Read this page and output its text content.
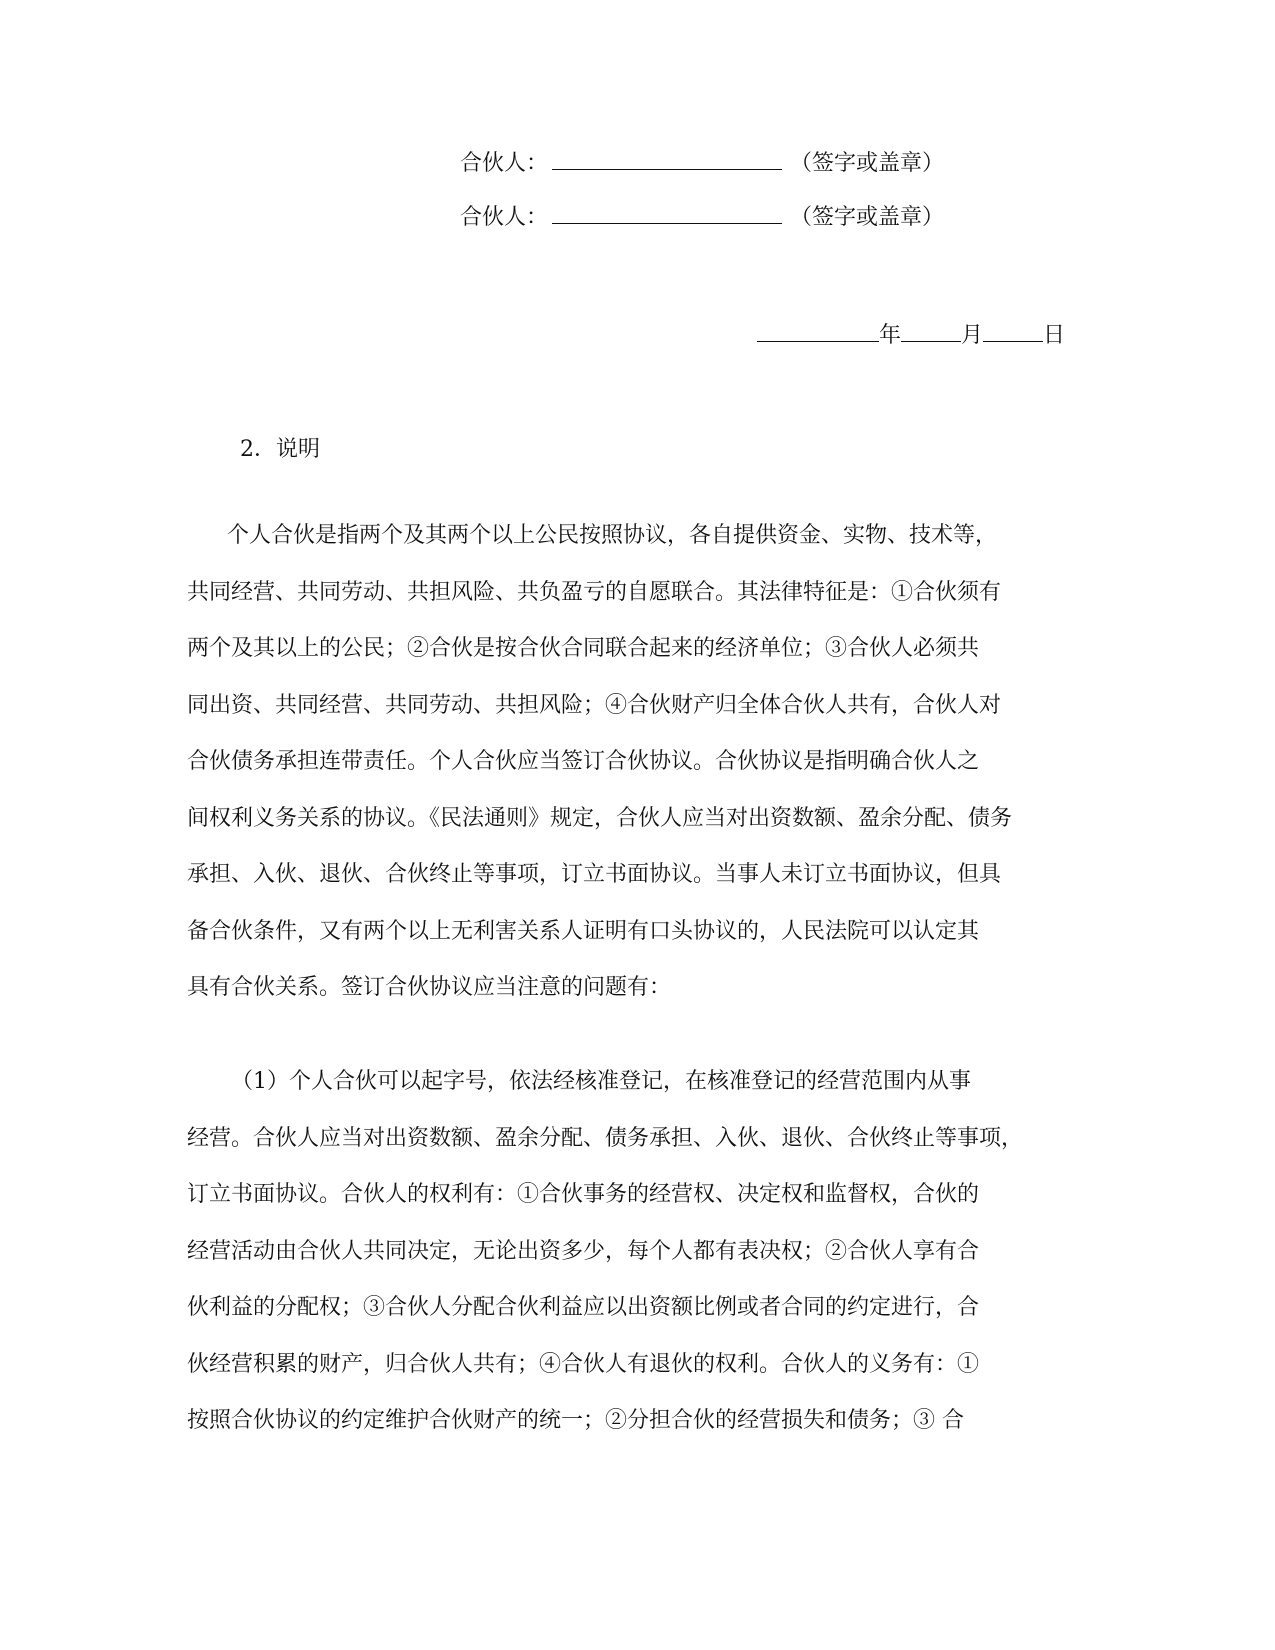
合伙人：	（签字或盖章）
合伙人：	（签字或盖章）
年	月	日
2．说明
个人合伙是指两个及其两个以上公民按照协议，各自提供资金、实物、技术等，
共同经营、共同劳动、共担风险、共负盈亏的自愿联合。其法律特征是：①合伙须有
两个及其以上的公民；②合伙是按合伙合同联合起来的经济单位；③合伙人必须共
同出资、共同经营、共同劳动、共担风险；④合伙财产归全体合伙人共有，合伙人对
合伙债务承担连带责任。个人合伙应当签订合伙协议。合伙协议是指明确合伙人之
间权利义务关系的协议。《民法通则》规定，合伙人应当对出资数额、盈余分配、债务
承担、入伙、退伙、合伙终止等事项，订立书面协议。当事人未订立书面协议，但具
备合伙条件，又有两个以上无利害关系人证明有口头协议的，人民法院可以认定其
具有合伙关系。签订合伙协议应当注意的问题有：
（1）个人合伙可以起字号，依法经核准登记，在核准登记的经营范围内从事
经营。合伙人应当对出资数额、盈余分配、债务承担、入伙、退伙、合伙终止等事项，
订立书面协议。合伙人的权利有：①合伙事务的经营权、决定权和监督权，合伙的
经营活动由合伙人共同决定，无论出资多少，每个人都有表决权；②合伙人享有合
伙利益的分配权；③合伙人分配合伙利益应以出资额比例或者合同的约定进行，合
伙经营积累的财产，归合伙人共有；④合伙人有退伙的权利。合伙人的义务有：①
按照合伙协议的约定维护合伙财产的统一；②分担合伙的经营损失和债务；③ 合
